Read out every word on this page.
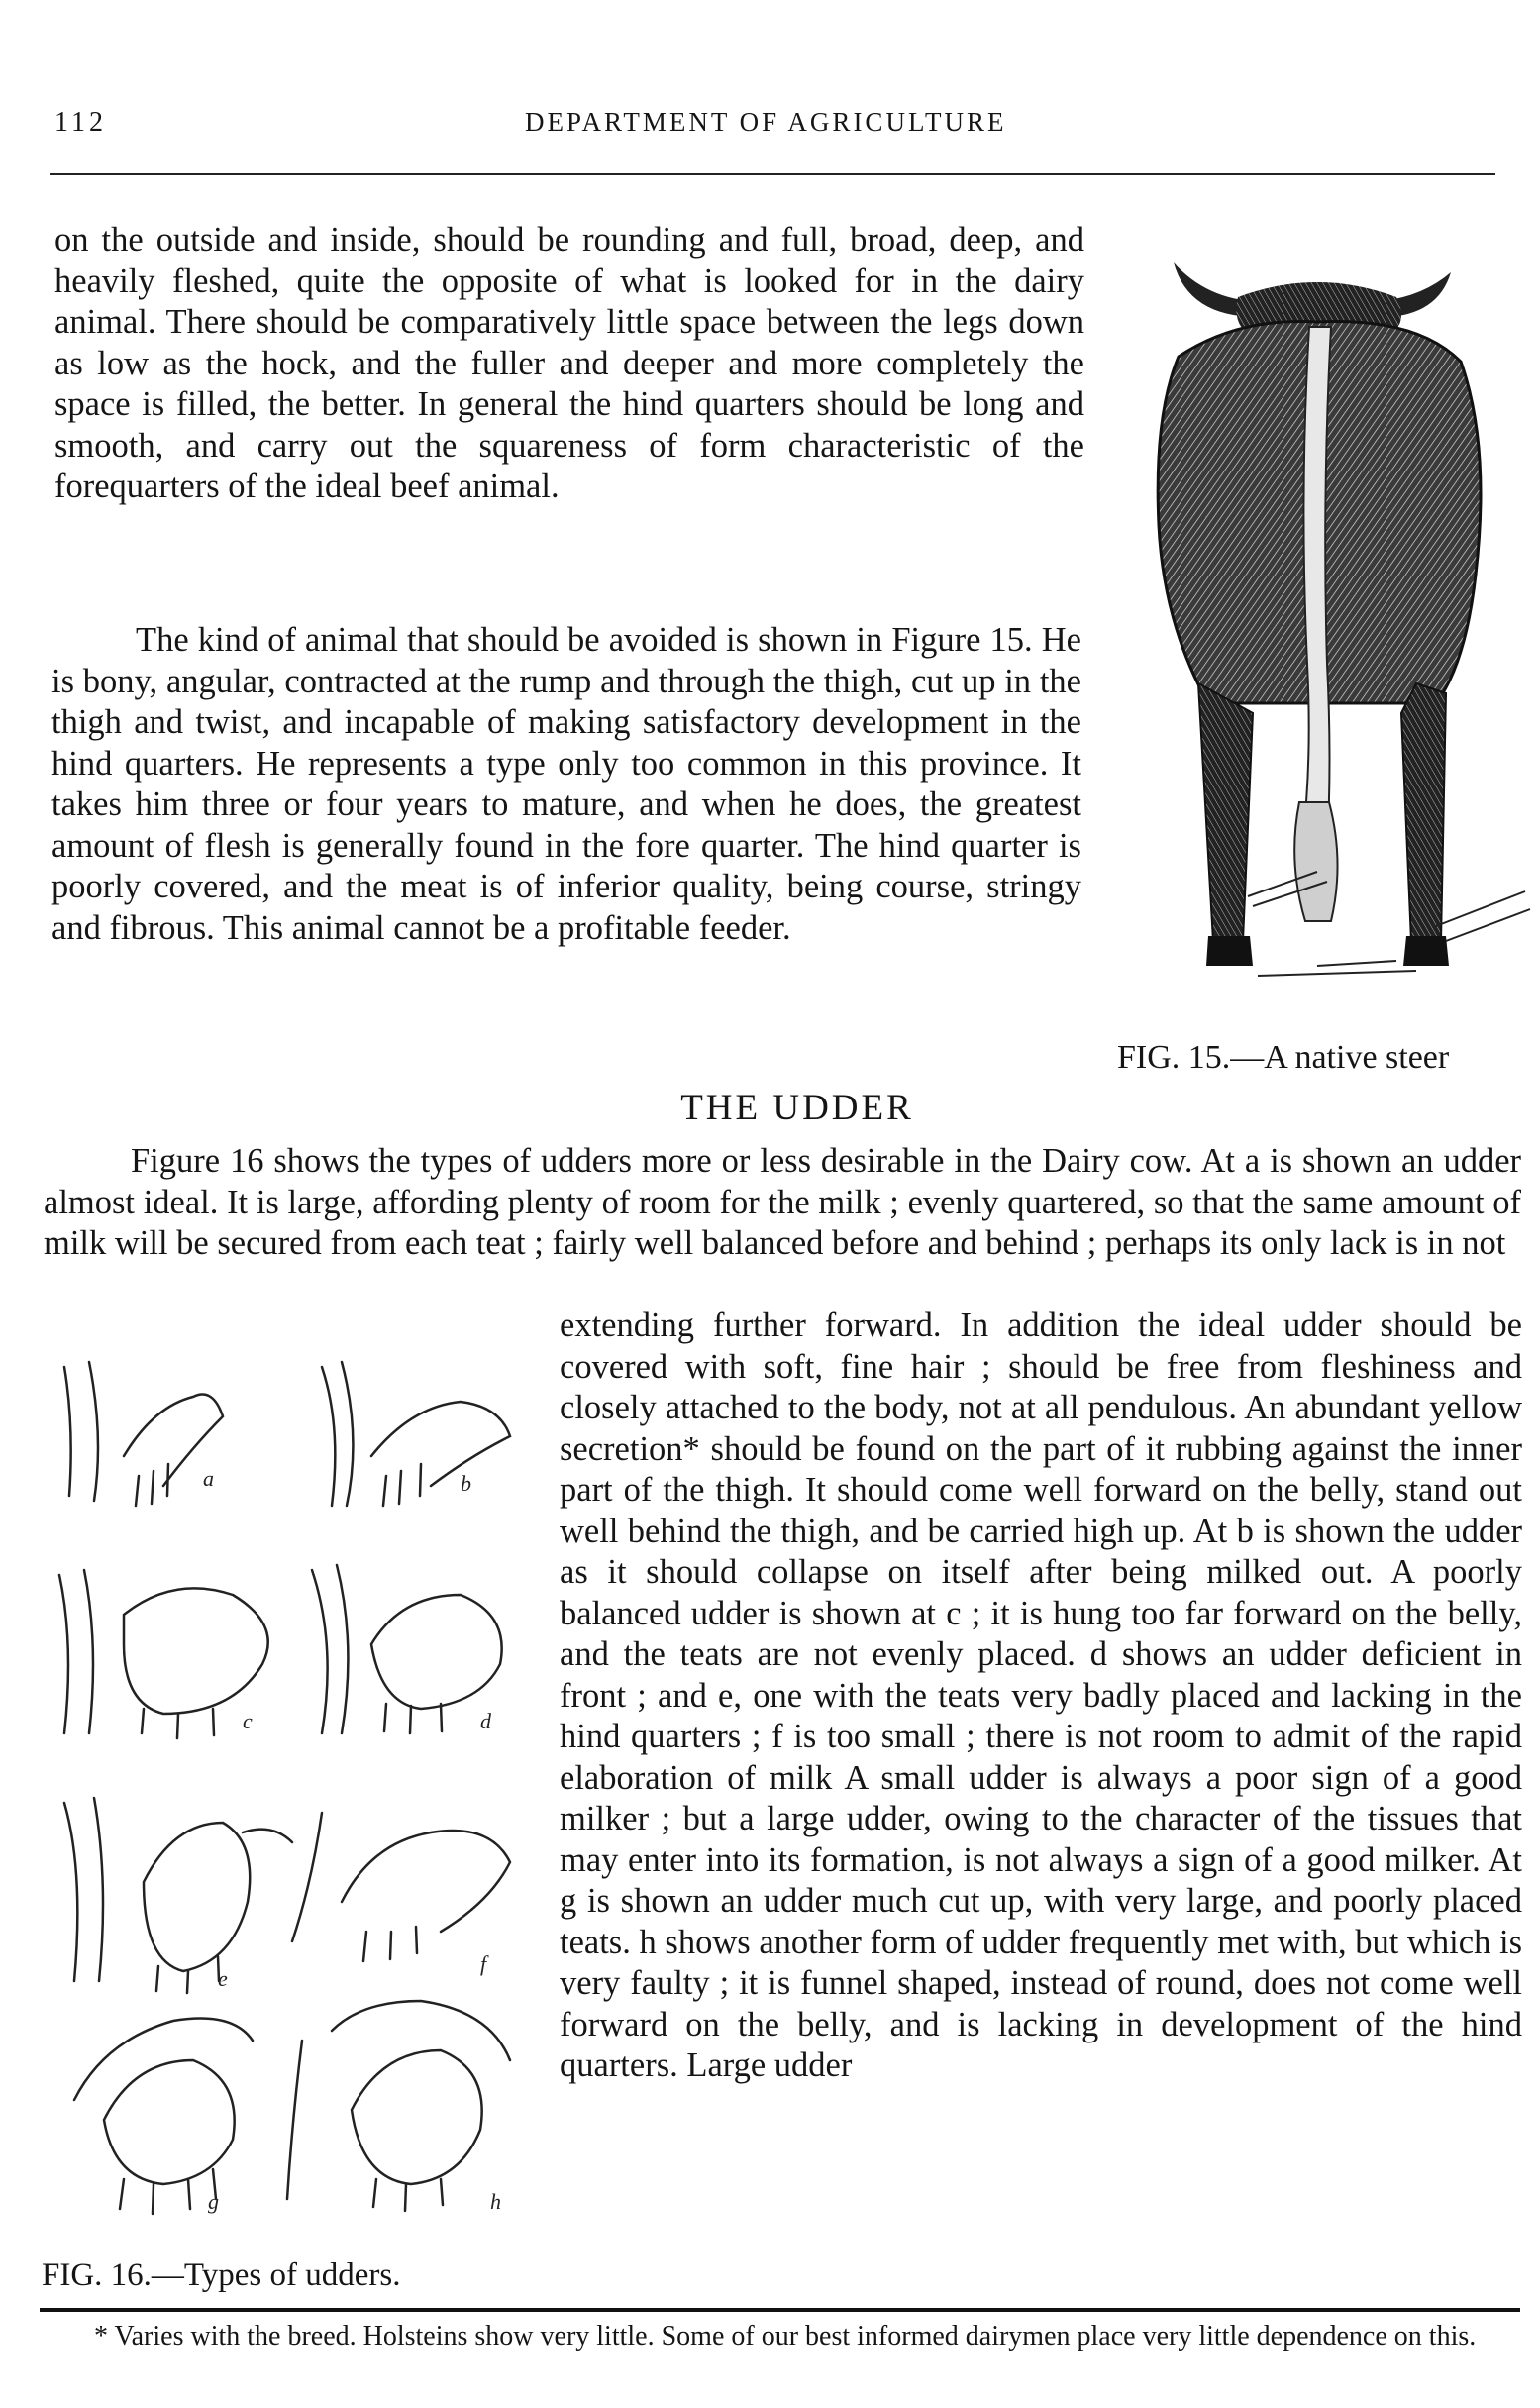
112	DEPARTMENT OF AGRICULTURE

on the outside and inside, should be rounding and full, broad, deep, and heavily fleshed, quite the opposite of what is looked for in the dairy animal. There should be comparatively little space between the legs down as low as the hock, and the fuller and deeper and more completely the space is filled, the better. In general the hind quarters should be long and smooth, and carry out the squareness of form characteristic of the forequarters of the ideal beef animal.

The kind of animal that should be avoided is shown in Figure 15. He is bony, angular, contracted at the rump and through the thigh, cut up in the thigh and twist, and incapable of making satisfactory development in the hind quarters. He represents a type only too common in this province. It takes him three or four years to mature, and when he does, the greatest amount of flesh is generally found in the fore quarter. The hind quarter is poorly covered, and the meat is of inferior quality, being course, stringy and fibrous. This animal cannot be a profitable feeder.

FIG. 15.—A native steer
THE UDDER

Figure 16 shows the types of udders more or less desirable in the Dairy cow. At a is shown an udder almost ideal. It is large, affording plenty of room for the milk ; evenly quartered, so that the same amount of milk will be secured from each teat ; fairly well balanced before and behind ; perhaps its only lack is in not

extending further forward. In addition the ideal udder should be covered with soft, fine hair ; should be free from fleshiness and closely attached to the body, not at all pendulous. An abundant yellow secretion* should be found on the part of it rubbing against the inner part of the thigh. It should come well forward on the belly, stand out well behind the thigh, and be carried high up. At b is shown the udder as it should collapse on itself after being milked out. A poorly balanced udder is shown at c ; it is hung too far forward on the belly, and the teats are not evenly placed. d shows an udder deficient in front ; and e, one with the teats very badly placed and lacking in the hind quarters ; f is too small ; there is not room to admit of the rapid elaboration of milk A small udder is always a poor sign of a good milker ; but a large udder, owing to the character of the tissues that may enter into its formation, is not always a sign of a good milker. At g is shown an udder much cut up, with very large, and poorly placed teats. h shows another form of udder frequently met with, but which is very faulty ; it is funnel shaped, instead of round, does not come well forward on the belly, and is lacking in development of the hind quarters. Large udder

a	b
c	d
e
f
g	h
FIG. 16.—Types of udders.

* Varies with the breed. Holsteins show very little. Some of our best informed dairymen place very little dependence on this.
